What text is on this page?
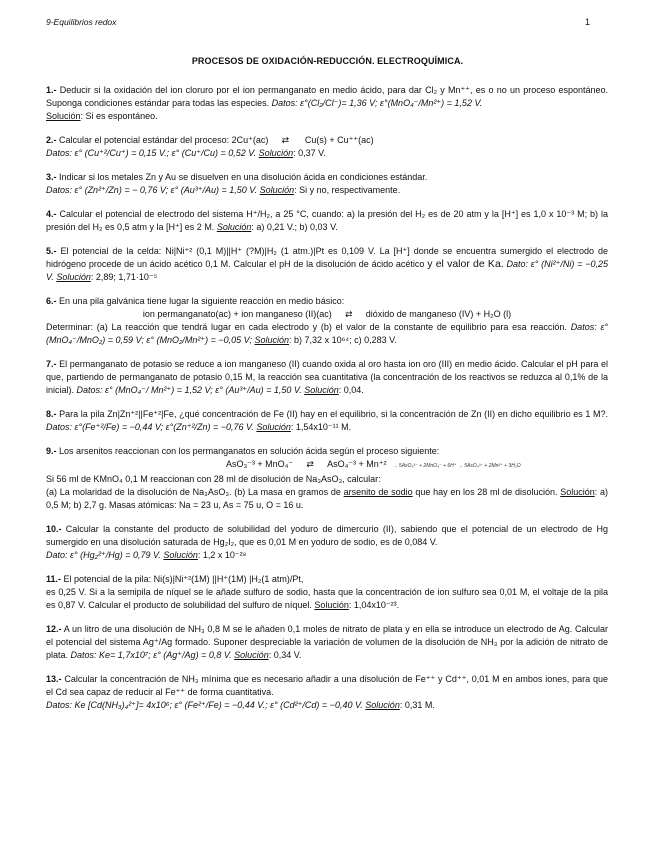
9-Equilibrios redox	1
PROCESOS DE OXIDACIÓN-REDUCCIÓN. ELECTROQUÍMICA.

1.- Deducir si la oxidación del ion cloruro por el ion permanganato en medio ácido, para dar Cl₂ y Mn⁺⁺, es o no un proceso espontáneo. Suponga condiciones estándar para todas las especies. Datos: ε°(Cl₂/Cl⁻)= 1,36 V; ε°(MnO₄⁻/Mn²⁺) = 1,52 V.

Solución: Si es espontáneo.

2.- Calcular el potencial estándar del proceso: 2Cu⁺(ac) ⇄ Cu(s) + Cu⁺⁺(ac)

Datos: ε° (Cu⁺²/Cu⁺) = 0,15 V.; ε° (Cu⁺/Cu) = 0,52 V. Solución: 0,37 V.

3.- Indicar si los metales Zn y Au se disuelven en una disolución ácida en condiciones estándar.

Datos: ε° (Zn²⁺/Zn) = − 0,76 V; ε° (Au³⁺/Au) = 1,50 V. Solución: Si y no, respectivamente.

4.- Calcular el potencial de electrodo del sistema H⁺/H₂, a 25 °C, cuando: a) la presión del H₂ es de 20 atm y la [H⁺] es 1,0 x 10⁻³ M; b) la presión del H₂ es 0,5 atm y la [H⁺] es 2 M. Solución: a) 0,21 V.; b) 0,03 V.

5.- El potencial de la celda: Ni|Ni⁺² (0,1 M)||H⁺ (?M)|H₂ (1 atm.)|Pt es 0,109 V. La [H⁺] donde se encuentra sumergido el electrodo de hidrógeno procede de un ácido acético 0,1 M. Calcular el pH de la disolución de ácido acético y el valor de Ka. Dato: ε° (Ni²⁺/Ni) = −0,25 V. Solución: 2,89; 1,71·10⁻⁵

6.- En una pila galvánica tiene lugar la siguiente reacción en medio básico:

ion permanganato(ac) + ion manganeso (II)(ac) ⇄ dióxido de manganeso (IV) + H₂O (l)

Determinar: (a) La reacción que tendrá lugar en cada electrodo y (b) el valor de la constante de equilibrio para esa reacción. Datos: ε° (MnO₄⁻/MnO₂) = 0,59 V; ε° (MnO₂/Mn²⁺) = −0,05 V; Solución: b) 7,32 x 10⁶⁴; c) 0,283 V.

7.- El permanganato de potasio se reduce a ion manganeso (II) cuando oxida al oro hasta ion oro (III) en medio ácido. Calcular el pH para el que, partiendo de permanganato de potasio 0,15 M, la reacción sea cuantitativa (la concentración de los reactivos se reduzca al 0,1% de la inicial). Datos: ε° (MnO₄⁻/ Mn²⁺) = 1,52 V; ε° (Au³⁺/Au) = 1,50 V. Solución: 0,04.

8.- Para la pila Zn|Zn⁺²||Fe⁺²|Fe, ¿qué concentración de Fe (II) hay en el equilibrio, si la concentración de Zn (II) en dicho equilibrio es 1 M?. Datos: ε°(Fe⁺²/Fe) = −0,44 V; ε°(Zn⁺²/Zn) = −0,76 V. Solución: 1,54x10⁻¹¹ M.

9.- Los arsenitos reaccionan con los permanganatos en solución ácida según el proceso siguiente:

AsO₃⁻³ + MnO₄⁻ ⇄ AsO₄⁻³ + Mn⁺² → 5AsO₃³⁻ + 2MnO₄⁻ + 6H⁺ → 5AsO₄³⁻ + 2Mn²⁺ + 3H₂O

Si 56 ml de KMnO₄ 0,1 M reaccionan con 28 ml de disolución de Na₃AsO₃, calcular:

(a) La molaridad de la disolución de Na₃AsO₃. (b) La masa en gramos de arsenito de sodio que hay en los 28 ml de disolución. Solución: a) 0,5 M; b) 2,7 g. Masas atómicas: Na = 23 u, As = 75 u, O = 16 u.

10.- Calcular la constante del producto de solubilidad del yoduro de dimercurio (II), sabiendo que el potencial de un electrodo de Hg sumergido en una disolución saturada de Hg₂I₂, que es 0,01 M en yoduro de sodio, es de 0,084 V.

Dato: ε° (Hg₂²⁺/Hg) = 0,79 V. Solución: 1,2 x 10⁻²⁸

11.- El potencial de la pila: Ni(s)|Ni⁺²(1M) ||H⁺(1M) |H₂(1 atm)/Pt,

es 0,25 V. Si a la semipila de níquel se le añade sulfuro de sodio, hasta que la concentración de ion sulfuro sea 0,01 M, el voltaje de la pila es 0,87 V. Calcular el producto de solubilidad del sulfuro de níquel. Solución: 1,04x10⁻²³.

12.- A un litro de una disolución de NH₃ 0,8 M se le añaden 0,1 moles de nitrato de plata y en ella se introduce un electrodo de Ag. Calcular el potencial del sistema Ag⁺/Ag formado. Suponer despreciable la variación de volumen de la disolución de NH₃ por la adición de nitrato de plata. Datos: Ke= 1,7x10⁷; ε° (Ag⁺/Ag) = 0,8 V. Solución: 0,34 V.

13.- Calcular la concentración de NH₃ mínima que es necesario añadir a una disolución de Fe⁺⁺ y Cd⁺⁺, 0,01 M en ambos iones, para que el Cd sea capaz de reducir al Fe⁺⁺ de forma cuantitativa.

Datos: Ke [Cd(NH₃)₄²⁺]= 4x10⁶; ε° (Fe²⁺/Fe) = −0,44 V.; ε° (Cd²⁺/Cd) = −0,40 V. Solución: 0,31 M.
